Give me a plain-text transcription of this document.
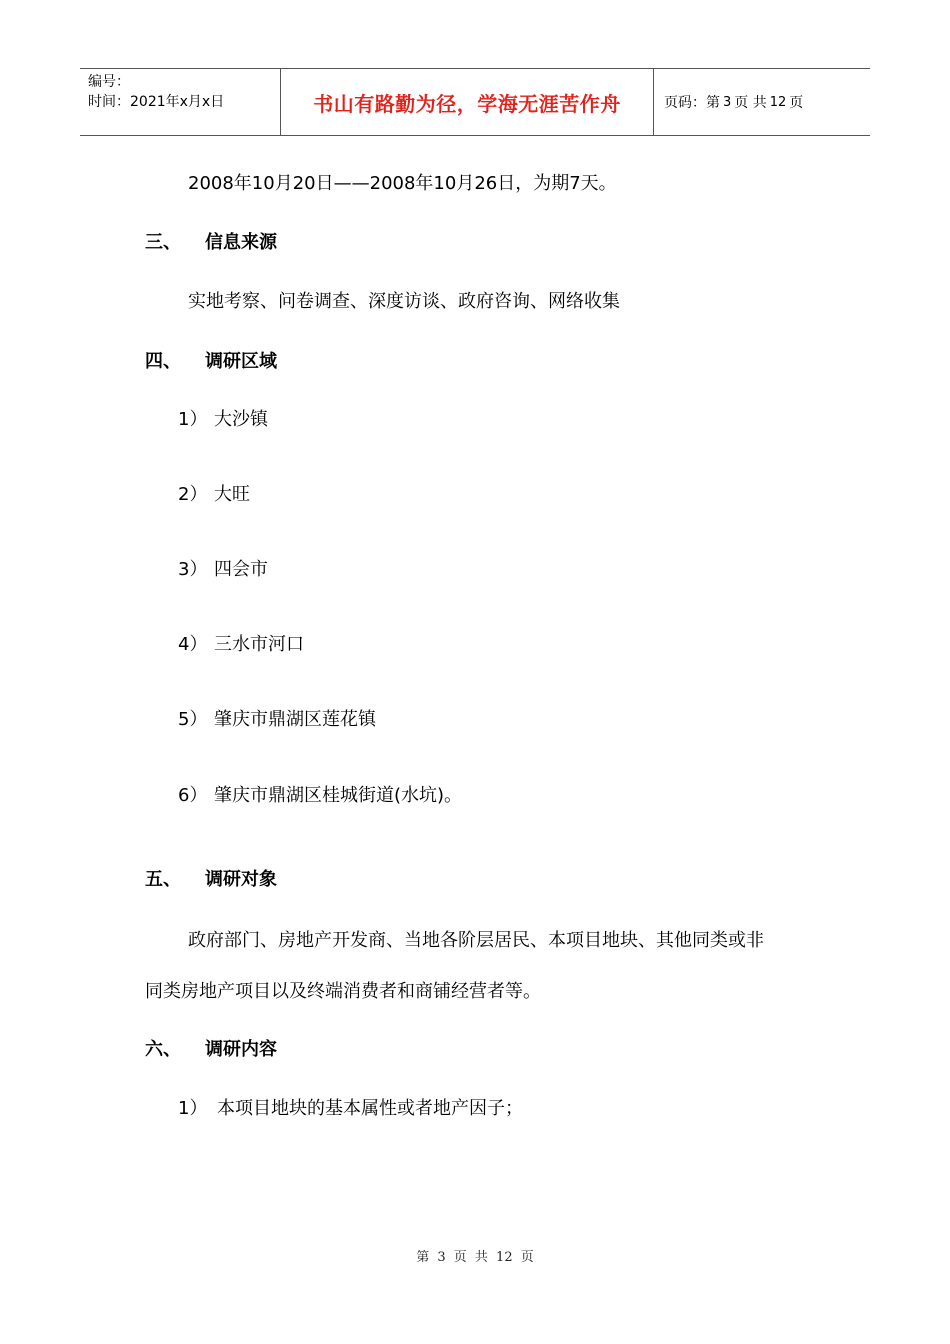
编号：
时间：2021年x月x日	书山有路勤为径，学海无涯苦作舟	页码：第 3 页 共 12 页
2008年10月20日——2008年10月26日，为期7天。
三、 信息来源
实地考察、问卷调查、深度访谈、政府咨询、网络收集
四、 调研区域
1） 大沙镇
2） 大旺
3） 四会市
4） 三水市河口
5） 肇庆市鼎湖区莲花镇
6） 肇庆市鼎湖区桂城街道(水坑)。
五、 调研对象
政府部门、房地产开发商、当地各阶层居民、本项目地块、其他同类或非
同类房地产项目以及终端消费者和商铺经营者等。
六、 调研内容
1） 本项目地块的基本属性或者地产因子；
第 3 页 共 12 页
